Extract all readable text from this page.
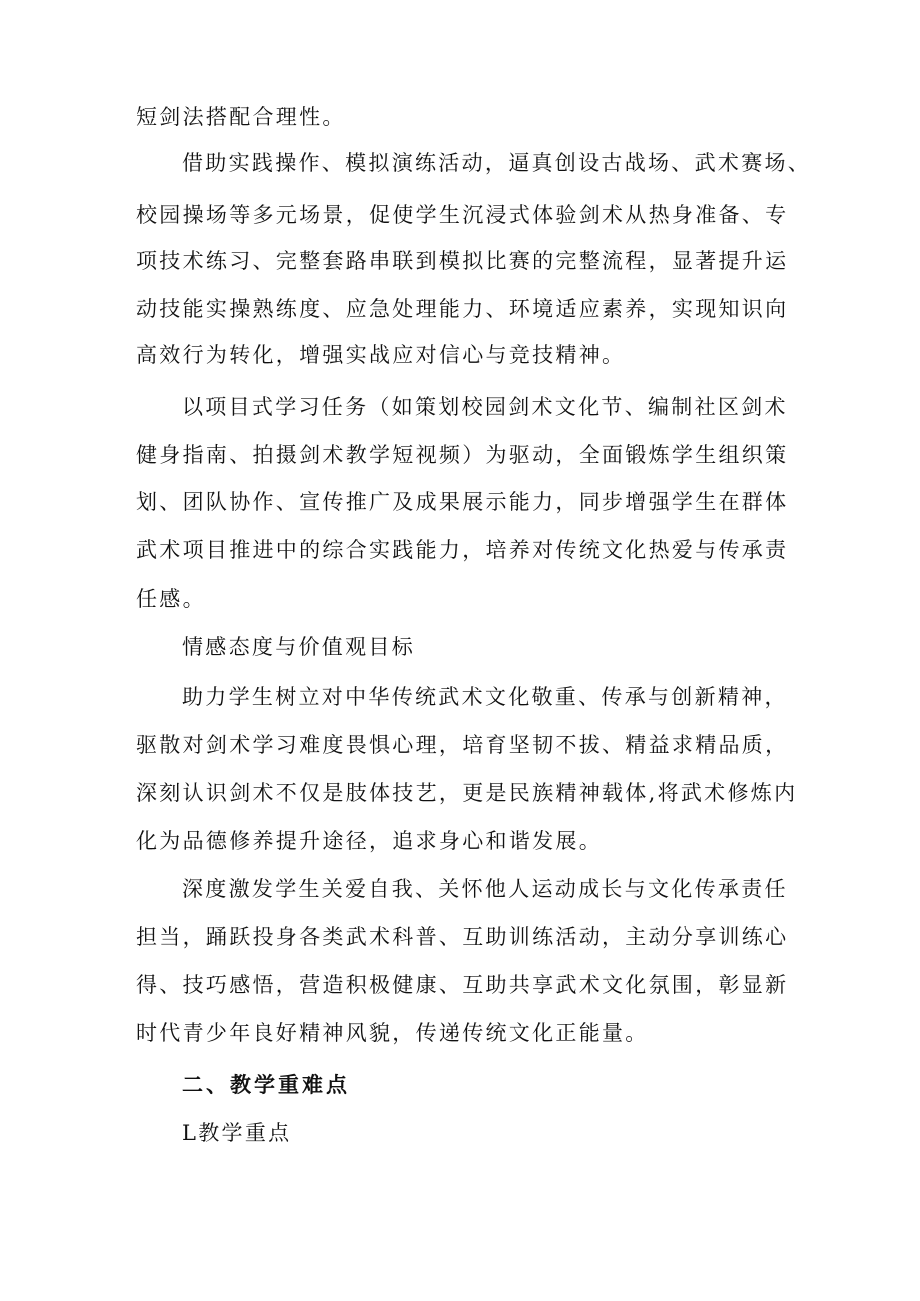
短剑法搭配合理性。
借助实践操作、模拟演练活动，逼真创设古战场、武术赛场、
校园操场等多元场景，促使学生沉浸式体验剑术从热身准备、专
项技术练习、完整套路串联到模拟比赛的完整流程，显著提升运
动技能实操熟练度、应急处理能力、环境适应素养，实现知识向
高效行为转化，增强实战应对信心与竞技精神。
以项目式学习任务（如策划校园剑术文化节、编制社区剑术
健身指南、拍摄剑术教学短视频）为驱动，全面锻炼学生组织策
划、团队协作、宣传推广及成果展示能力，同步增强学生在群体
武术项目推进中的综合实践能力，培养对传统文化热爱与传承责
任感。
情感态度与价值观目标
助力学生树立对中华传统武术文化敬重、传承与创新精神，
驱散对剑术学习难度畏惧心理，培育坚韧不拔、精益求精品质，
深刻认识剑术不仅是肢体技艺，更是民族精神载体,将武术修炼内
化为品德修养提升途径，追求身心和谐发展。
深度激发学生关爱自我、关怀他人运动成长与文化传承责任
担当，踊跃投身各类武术科普、互助训练活动，主动分享训练心
得、技巧感悟，营造积极健康、互助共享武术文化氛围，彰显新
时代青少年良好精神风貌，传递传统文化正能量。
二、教学重难点
L教学重点
